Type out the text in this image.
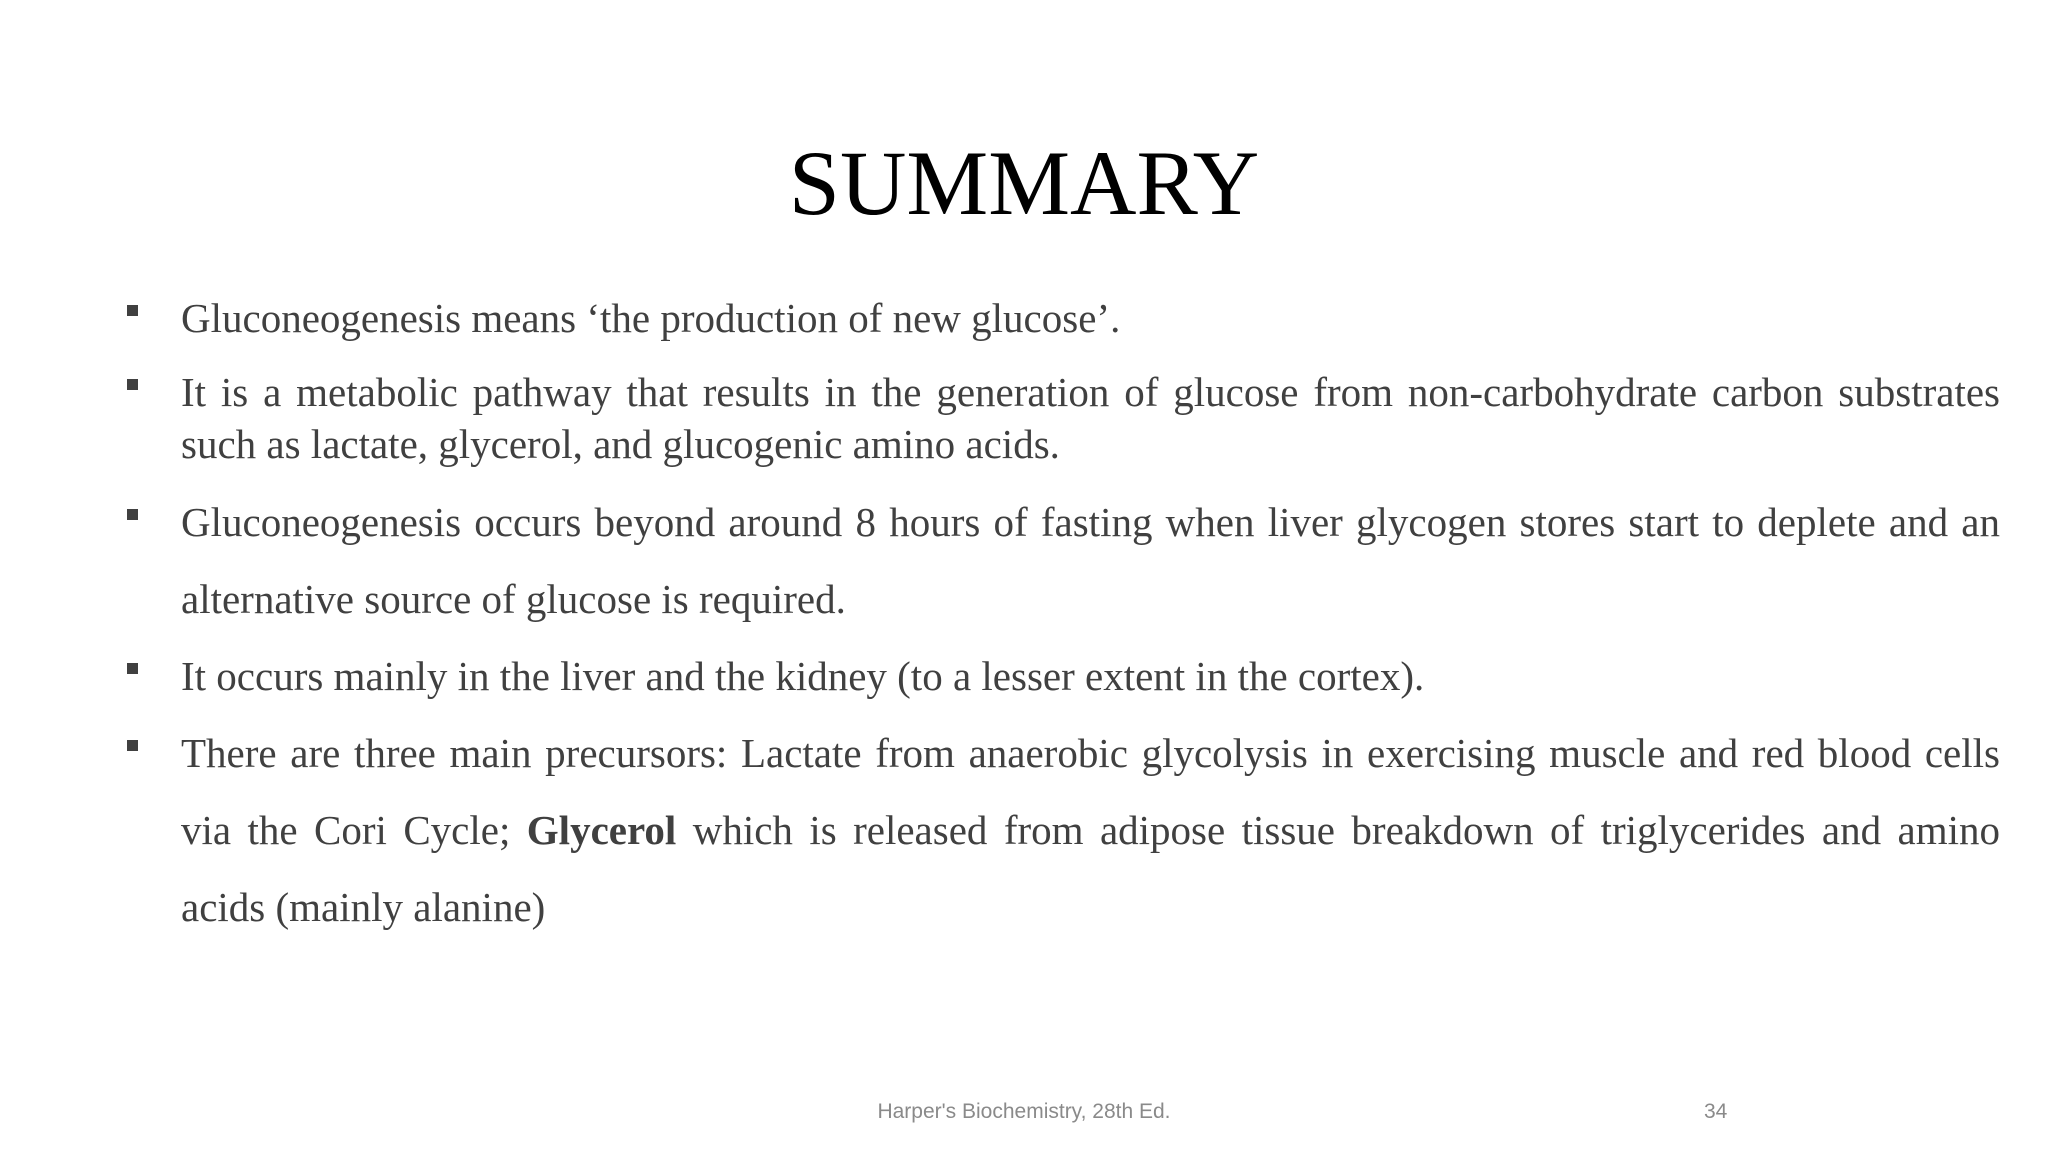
SUMMARY
Gluconeogenesis means ‘the production of new glucose’.
It is a metabolic pathway that results in the generation of glucose from non-carbohydrate carbon substrates such as lactate, glycerol, and glucogenic amino acids.
Gluconeogenesis occurs beyond around 8 hours of fasting when liver glycogen stores start to deplete and an alternative source of glucose is required.
It occurs mainly in the liver and the kidney (to a lesser extent in the cortex).
There are three main precursors: Lactate from anaerobic glycolysis in exercising muscle and red blood cells via the Cori Cycle; Glycerol which is released from adipose tissue breakdown of triglycerides and amino acids (mainly alanine)
Harper's Biochemistry, 28th Ed.	34
